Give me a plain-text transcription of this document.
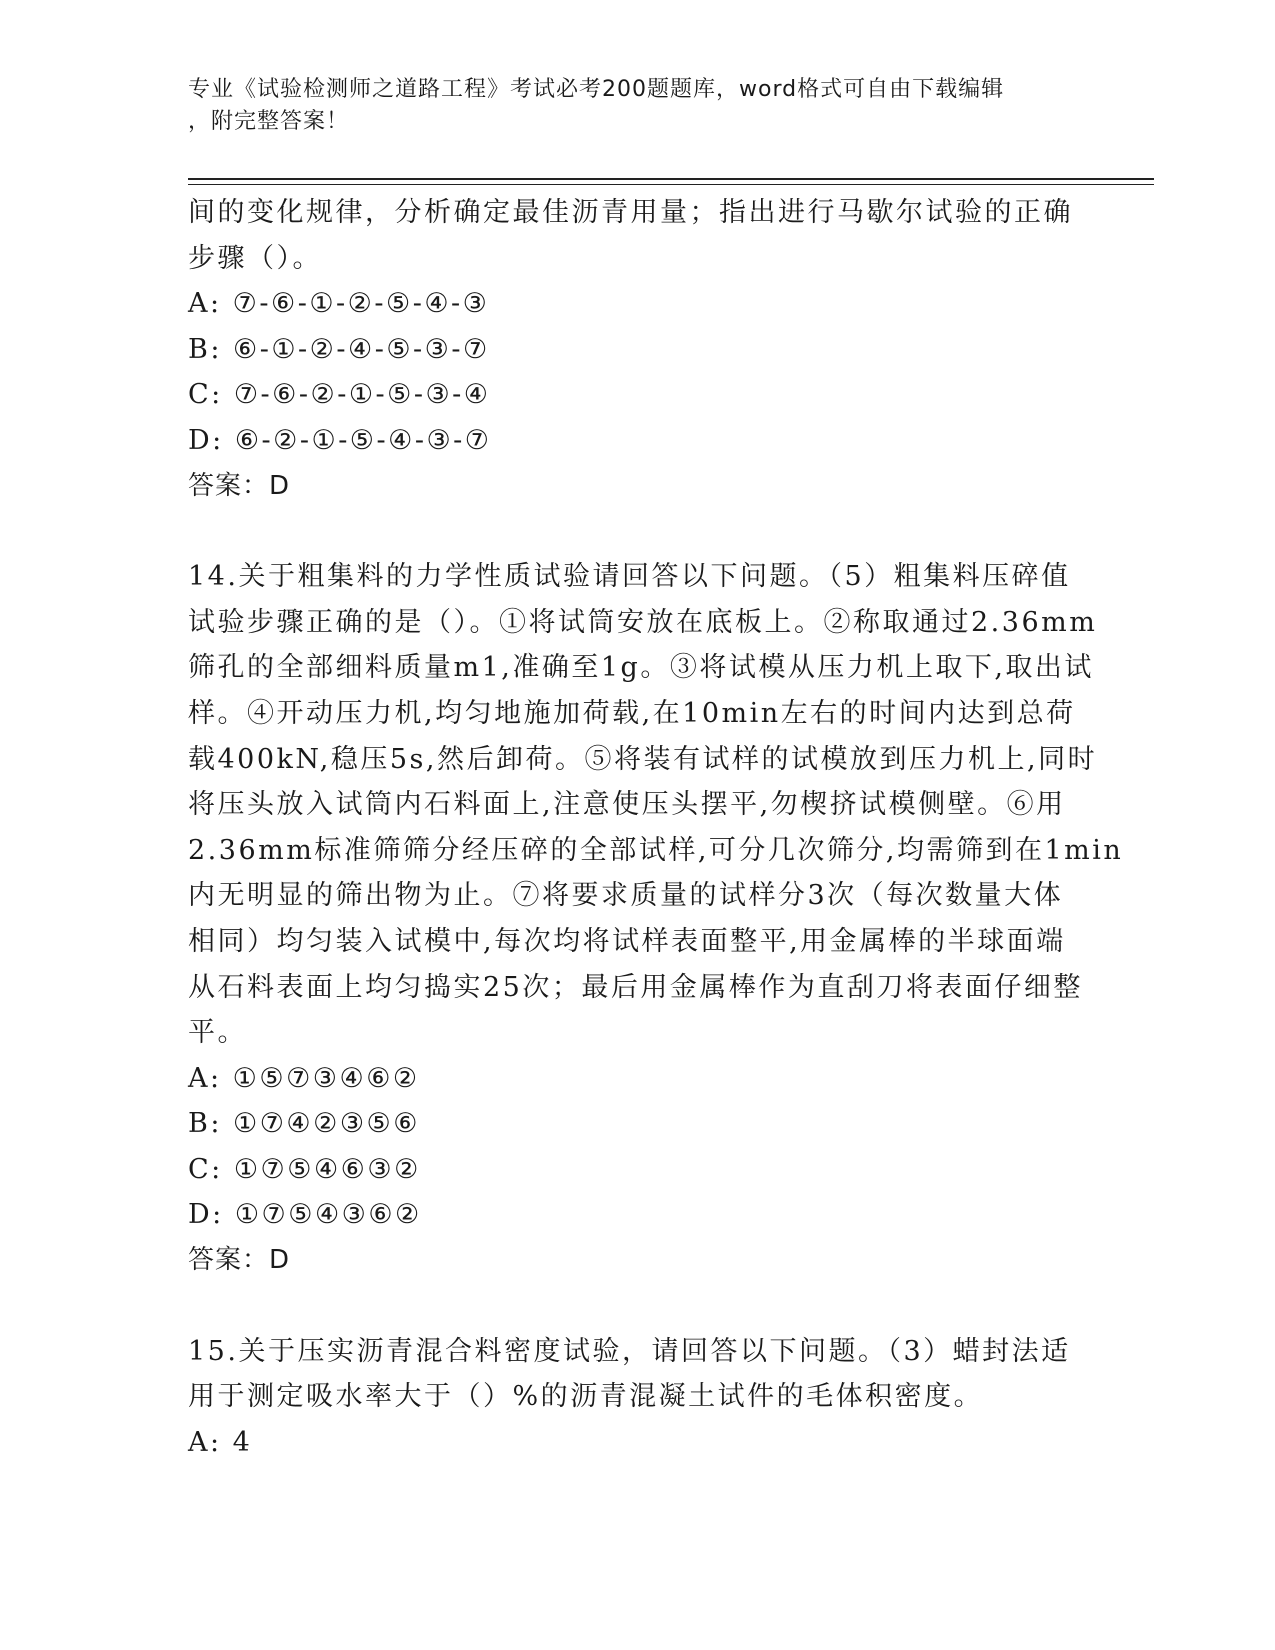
专业《试验检测师之道路工程》考试必考200题题库，word格式可自由下载编辑
，附完整答案！
间的变化规律，分析确定最佳沥青用量；指出进行马歇尔试验的正确
步骤（）。
A: ⑦-⑥-①-②-⑤-④-③
B: ⑥-①-②-④-⑤-③-⑦
C: ⑦-⑥-②-①-⑤-③-④
D: ⑥-②-①-⑤-④-③-⑦
答案：D
14.关于粗集料的力学性质试验请回答以下问题。（5）粗集料压碎值
试验步骤正确的是（）。①将试筒安放在底板上。②称取通过2.36mm
筛孔的全部细料质量m1,准确至1g。③将试模从压力机上取下,取出试
样。④开动压力机,均匀地施加荷载,在10min左右的时间内达到总荷
载400kN,稳压5s,然后卸荷。⑤将装有试样的试模放到压力机上,同时
将压头放入试筒内石料面上,注意使压头摆平,勿楔挤试模侧壁。⑥用
2.36mm标准筛筛分经压碎的全部试样,可分几次筛分,均需筛到在1min
内无明显的筛出物为止。⑦将要求质量的试样分3次（每次数量大体
相同）均匀装入试模中,每次均将试样表面整平,用金属棒的半球面端
从石料表面上均匀捣实25次；最后用金属棒作为直刮刀将表面仔细整
平。
A: ①⑤⑦③④⑥②
B: ①⑦④②③⑤⑥
C: ①⑦⑤④⑥③②
D: ①⑦⑤④③⑥②
答案：D
15.关于压实沥青混合料密度试验，请回答以下问题。（3）蜡封法适
用于测定吸水率大于（）%的沥青混凝土试件的毛体积密度。
A: 4
